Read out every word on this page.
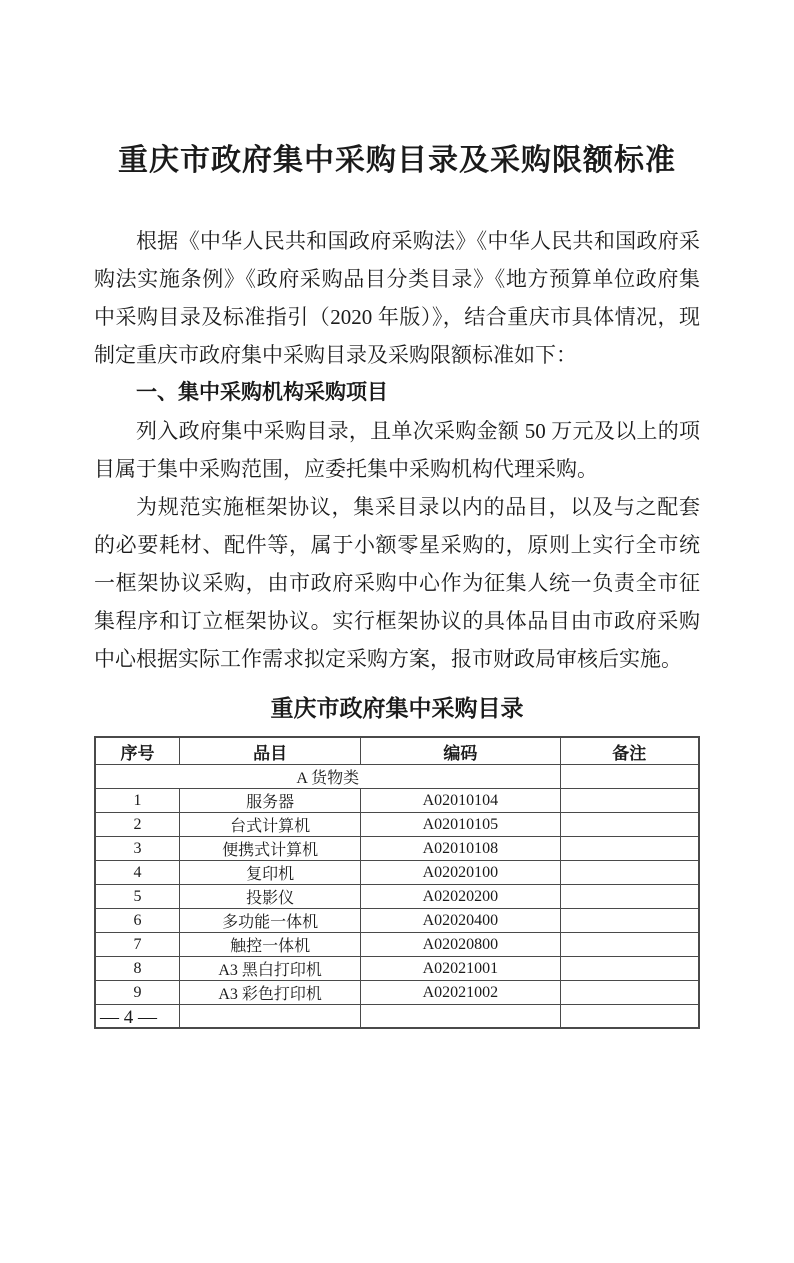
重庆市政府集中采购目录及采购限额标准

根据《中华人民共和国政府采购法》《中华人民共和国政府采购法实施条例》《政府采购品目分类目录》《地方预算单位政府集中采购目录及标准指引（2020 年版）》，结合重庆市具体情况，现制定重庆市政府集中采购目录及采购限额标准如下：

一、集中采购机构采购项目

列入政府集中采购目录，且单次采购金额 50 万元及以上的项目属于集中采购范围，应委托集中采购机构代理采购。

为规范实施框架协议，集采目录以内的品目，以及与之配套的必要耗材、配件等，属于小额零星采购的，原则上实行全市统一框架协议采购，由市政府采购中心作为征集人统一负责全市征集程序和订立框架协议。实行框架协议的具体品目由市政府采购中心根据实际工作需求拟定采购方案，报市财政局审核后实施。

重庆市政府集中采购目录
序号	品目	编码	备注
A 货物类			
1	服务器	A02010104	
2	台式计算机	A02010105	
3	便携式计算机	A02010108	
4	复印机	A02020100	
5	投影仪	A02020200	
6	多功能一体机	A02020400	
7	触控一体机	A02020800	
8	A3 黑白打印机	A02021001	
9	A3 彩色打印机	A02021002	

— 4 —
